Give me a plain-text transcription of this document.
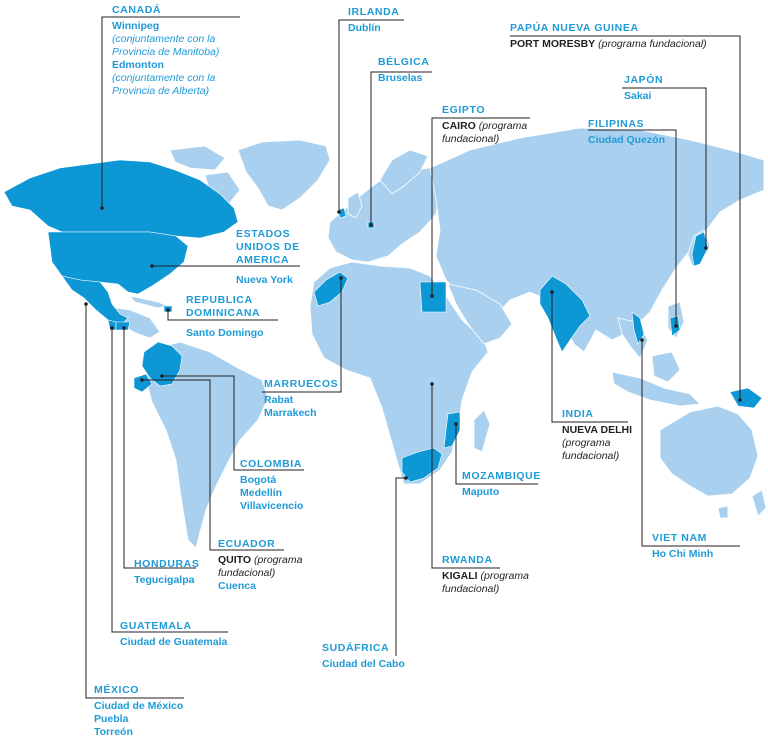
CANADÁ
Winnipeg
(conjuntamente con la
Provincia de Manitoba)
Edmonton
(conjuntamente con la
Provincia de Alberta)
IRLANDA
Dublín
BÉLGICA
Bruselas
EGIPTO
CAIRO (programa
fundacional)
PAPÚA NUEVA GUINEA
PORT MORESBY (programa fundacional)
JAPÓN
Sakai
FILIPINAS
Ciudad Quezón
ESTADOS
UNIDOS DE
AMERICA
Nueva York
REPUBLICA
DOMINICANA
Santo Domingo
MARRUECOS
Rabat
Marrakech
COLOMBIA
Bogotá
Medellín
Villavicencio
ECUADOR
QUITO (programa
fundacional)
Cuenca
HONDURAS
Tegucigalpa
GUATEMALA
Ciudad de Guatemala
MÉXICO
Ciudad de México
Puebla
Torreón
INDIA
NUEVA DELHI
(programa
fundacional)
MOZAMBIQUE
Maputo
RWANDA
KIGALI (programa
fundacional)
SUDÁFRICA
Ciudad del Cabo
VIET NAM
Ho Chi Minh
